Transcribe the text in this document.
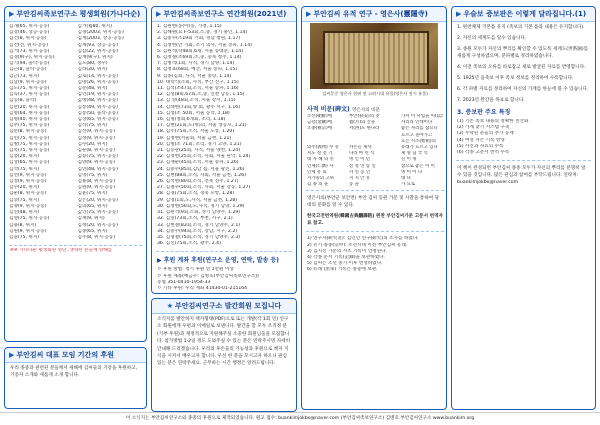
▶ 부안김씨족보연구소 평생회원(가나다순)
김개(65, 위지·공동)	김거(월80, 위지)
김강(46, 상공·공동)	김경(2003, 위지·공동)
김건(8, 위지·공동)	김계(2003, 상공·공동)
김건(전, 위지·공동)	김계(93, 상공·공동)
김거(73, 위지·공동)	김갑(22, 위지·공동)
김경(9(구), 위지·공동)	김계(9(구), 위지)
김기(94, 을탁·공동)	김도(80, 경우)
김근(8, 을탁·공동)	김라(20, 위지)
김근(73, 위지)	김로(14, 위지·공동)
김남(9, 위지·공동)	김명(26, 위지·공동)
김도(75, 위지·공동)	김문(48, 위지)
김득(37, 위지·공동)	김민(19, 위지·공동)
김동(8, 을탁)	김병(48, 위지·공동)
김만(20, 위지·공동)	김봉(49, 위지·공동)
김명(64, 위지·공동)	김봉(50, 을탁·공동)
김명(40, 위지·공동)	김상(65, 위지·공동)
김무(75, 위지·공동)	김석(75, 위지)
김문(8, 위지·공동)	김선(9, 위지·공동)
김민(75, 위지·공동)	김성(9, 위지·공동)
김병(75, 위지·공동)	김수(20, 위지)
김복(75, 위지·공동)	김순(8, 위지·공동)
김봉(20, 위지)	김승(75, 위지·공동)
김상(65, 위지·공동)	김양(9, 위지·공동)
김석(75, 위지)	김연(48, 위지·공동)
김선(9, 위지·공동)	김영(75, 위지)
김성(9, 위지·공동)	김용(8, 위지·공동)
김수(20, 위지)	김원(9, 위지·공동)
김순(8, 위지·공동)	김윤(75, 위지)
김승(75, 위지)	김은(20, 위지·공동)
김양(9, 위지·공동)	김의(65, 위지)
김연(48, 위지)	김인(75, 위지·공동)
김영(75, 위지·공동)	김재(9, 위지)
김용(8, 위지)	김정(20, 위지·공동)
김원(9, 위지·공동)	김종(65, 위지)
김윤(75, 위지)	김주(8, 위지·공동)
※※ 가나다순 평생회원 명단, 생략된 분들께 양해를
▶ 부안김씨 대표 모임 기간의 후원
우리 종중과 관련된 분들께서 새해에 김씨들의 기강을 후원하고, 기증자 소개와 새롭게 소개 합니다.
▶ 부안김씨족보연구소 연간회원(2021년)
1. 김원현(동(아)동, 가정, 1.15)
2. 김해원(요 F-53회,소,충, 경기 용인, 1.14)
3. 김중수(조19회 기회, 경남 창원, 1.17)
4. 김정현(안 가회, 조기 의사, 서울 송파, 1.14)
5. 김원석(학48회,6개, 서울 동대문, 1.14)
6. 김정철(조69회,소,충, 충북 청주, 1.14)
7. 김병석(1회, 사직, 경기 남양, 1.14)
8. 김정표(68회, 예산, 서울 송파, 1.15)
9. 김종(김회, 사직, 서울 중랑, 1.14)
10. 대학식(소회, 사직, 부산 진구, 1.15)
11. 김석(조47회,소직, 서울 송파, 1.16)
12. 김성(8회,67회,소,충, 인천 남동, 1.15)
13. 김 영(48회,소직, 서울 강서, 1.15)
14. 김대현(73회,양 회, 광주 서구, 1.16)
15. 김성(조 50회, 서울 동작, 1.18)
16. 김명(성회,6개회, 조리, 1.18)
17. 김현(21회,도(위)의, 서울 영등포, 1.21)
18. 김주(75회,소직, 서울 도봉, 1.20)
19. 김정현(서울회, 서울 금천, 1.21)
20. 김병(조 71회, 조리, 경기 고양, 1.21)
21. 김동관(25회, 사직, 서울 양천, 1.24)
22. 김정현(25회,소직, 사회, 서울 관악, 1.24)
23. 김재순(45회,소직, 서울 송파, 1.26)
24. 김중수(85회,김남 집, 서울 광진, 1.26)
25. 김현(88회,소직, 사회, 서울 금천, 1.26)
26. 김석현(80회,소직, 전북 전주, 1.27)
27. 김철수(50회,소직, 사회, 서울 강동, 1.27)
28. 김경(75회,소직, 경북 포항, 1.28)
29. 김영(1회,노,사직, 서울 금천, 1.28)
30. 김정현(50회,노,사직, 경기 남양, 1.29)
31. 김원석(9회,소회, 경기 남양주, 1.29)
32. 김일(73회,소직, 부천, 시구, 2.1)
33. 김현철(83회,소직, 경기 남양주, 2.1)
34. 김중수(94회,소직, 강남, 시구, 2.2)
35. 김형철(75회,소직, 경기 남양주, 2.3)
36. 김신(75회,소직, 광주, 2.4)
▶ 후원 계좌 후원(연구소 운영, 연락, 발송 등)
ㅇ 후원 방법: 정기 후원 연 1만원 이상
ㅇ 후원 계좌(예금주: 김병호(부안김씨족보연구소))
농협 351-0410-1954-33
ㅇ 기타 후원: 우리 계좌 41430-01-215164
★ 부안김씨연구소 발간회원 모집니다
소식지를 발간하지 책자형태(PDF)으로 또는 개발(각 1회 연) 연구소 회원에게 우편과 이메일로 보낸니다. 발간을 할 모두 조직정 분(기부 후원)과 재정적으로 지원해주실 소중한 회원님들을 모집합니다. 참가방법 1-2일 정도 도와주실 수 있는 분은 연락주시면 자세히 안내해 드리겠습니다. 우리의 후손들의 가능성과 후원으로 책자 지식을 시켜서 배우고자 합니다. 우선 한 분을 모시고자 하오니 관심있는 분은 연락주세요. 근무하는 시간 행정은 알려드립니다.
▶ 부안김씨 유적 연구 - 영은사(靈隱寺)
김씨문중 영은사 현판 및 고려시대 유물(영은사 전시 유물)
사적 비문(碑文) 영은사의 비문
조선(朝鮮)에	부안(扶安)의 맛	가서 이 사업을 이(以)
금강(金剛)에	월(月)의 산을	사리라 인데이나
조종(祖宗)에	서(西)도 한나라	좋은 자리를 잡으니
흐르고 돌아가고
흐는 시조(始祖)의
의주(義州) 수 유	자손들 제사	유래가 흐르고 있다
지도 절 전 기	나라 마 민 석	제 명 님 국 석
대 자 해 의 흥	명 인 이 인	길 이 명
인제(仁濟) 사	전 성 연 동 인	참으로 좋은 이 이
인제 유 의	자 연 동 인	명 이 이 나
지가중의 고위	지 지 안 유	대 나
김 종 의 을	동 을	가 으로
영은사의(부안군 보안면) 부안 김씨 동원 가문 및 사찰을 통하여 당대의 문화를 알 수 있다.
한국고전번역원(韓國古典飜譯院) 편찬 부안김씨가문 고문서 번역자료 참고.
1) 연구자(硏究者): 김인인 연구(硏究)의 조사를 하였다.
2) 유기 종종(宗中): 조선시대 이전 부안김씨 유래.
3) 김지진 가문의 시조 기록이 인정된다.
4) 각종 문서 기록(記錄)을 보관하였다.
5) 김씨는 조선 중기 이후 번성하였다.
6) 유래 (由來) 기록은 종중에 보관.
▶ 우슬보 증보판은 이렇게 달라집니다.(1)
1. 편찬체제 기본틀 유지 (족보의 기본 틀과 내용은 유지합니다).
2. 자신의 세계도를 알수 있습니다.
3. 종원 모두가 자신의 뿌리를 확인할 수 있도록 세계도(世系圖)를 새롭게 구성하였으며, 분파별로 정리하였습니다.
4. 이전 족보의 오류를 바로잡고 새로 발굴된 자료를 반영합니다.
5. 1925년 을축보 이후 족보 정보를 정리하여 수록합니다.
6. 각 파별 자료를 정리하여 자신의 가계를 한눈에 볼 수 있습니다.
7. 2023년 완간을 목표로 합니다.
3. 증보판 주요 특징
(1) 기존 족보 내용의 정확한 전산화
(2) 가계 찾기 시스템 구축
(3) 누락된 분들의 추가 등재
(4) 여성 자손 기록 반영
(5) 사진과 자료의 수록
(6) 각종 고문서 번역 수록
이 책이 완성되면 부안김씨 종중 모두가 자신의 뿌리를 분명히 알 수 있을 것입니다. 많은 관심과 참여를 부탁드립니다. 연락처: buankimjokbo@naver.com
이 소식지는 부안김씨연구소와 종중의 후원으로 제작되었습니다. 원고 접수: buankimjokbo@naver.com (부안김씨족보연구소) 김병호 부안김씨연구소 www.buankim.org
